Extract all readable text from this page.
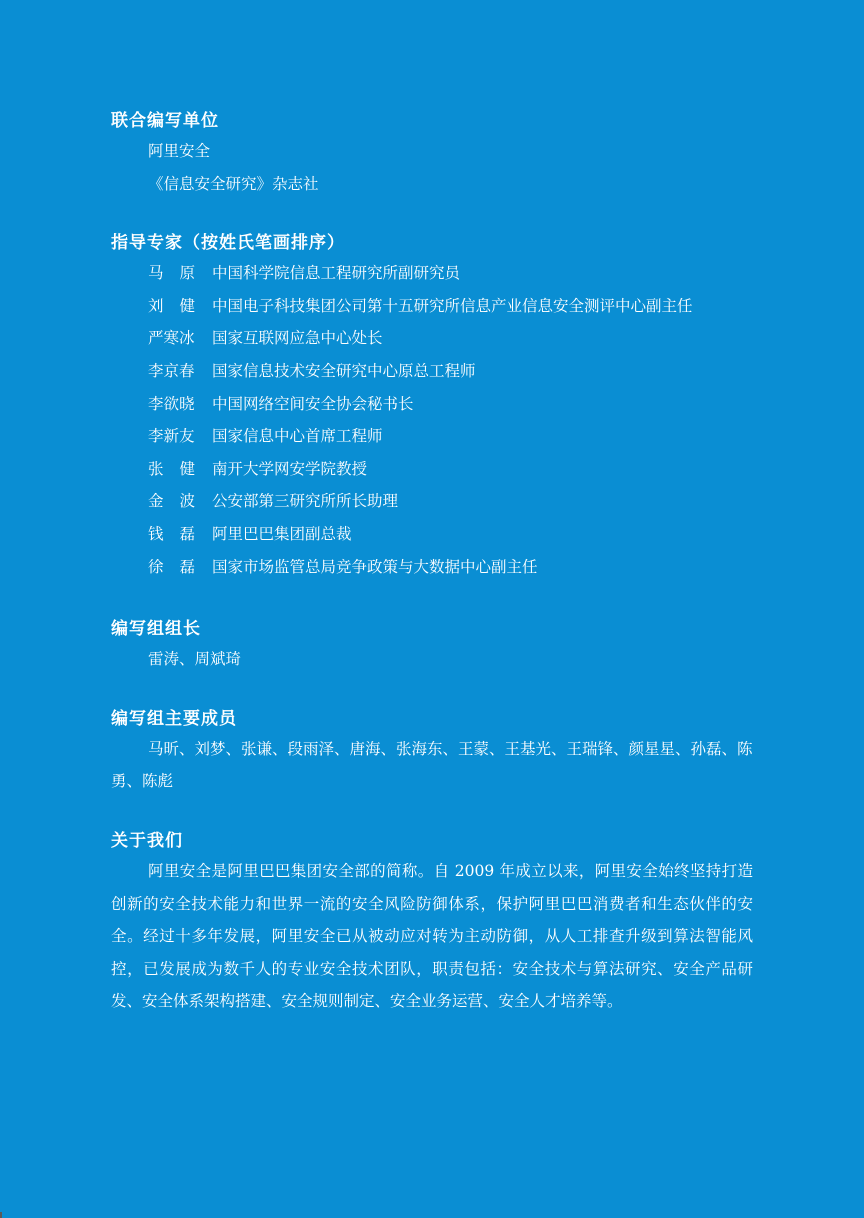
联合编写单位
阿里安全
《信息安全研究》杂志社
指导专家（按姓氏笔画排序）
马 原 中国科学院信息工程研究所副研究员
刘 健 中国电子科技集团公司第十五研究所信息产业信息安全测评中心副主任
严寒冰	国家互联网应急中心处长
李京春	国家信息技术安全研究中心原总工程师
李欲晓	中国网络空间安全协会秘书长
李新友	国家信息中心首席工程师
张 健 南开大学网安学院教授
金 波 公安部第三研究所所长助理
钱 磊 阿里巴巴集团副总裁
徐 磊 国家市场监管总局竞争政策与大数据中心副主任
编写组组长
雷涛、周斌琦
编写组主要成员

马昕、刘梦、张谦、段雨泽、唐海、张海东、王蒙、王基光、王瑞锋、颜星星、孙磊、陈勇、陈彪

关于我们

阿里安全是阿里巴巴集团安全部的简称。自 2009 年成立以来，阿里安全始终坚持打造创新的安全技术能力和世界一流的安全风险防御体系，保护阿里巴巴消费者和生态伙伴的安全。经过十多年发展，阿里安全已从被动应对转为主动防御，从人工排查升级到算法智能风控，已发展成为数千人的专业安全技术团队，职责包括：安全技术与算法研究、安全产品研发、安全体系架构搭建、安全规则制定、安全业务运营、安全人才培养等。
